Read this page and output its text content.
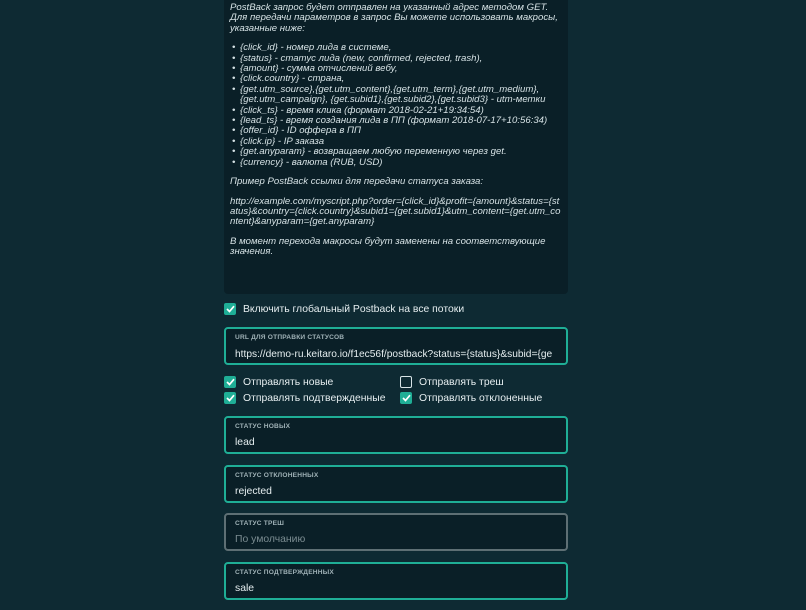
PostBack запрос будет отправлен на указанный адрес методом GET. Для передачи параметров в запрос Вы можете использовать макросы, указанные ниже:

• {click_id} - номер лида в системе,
• {status} - статус лида (new, confirmed, rejected, trash),
• {amount} - сумма отчислений вебу,
• {click.country} - страна,
• {get.utm_source},{get.utm_content},{get.utm_term},{get.utm_medium},{get.utm_campaign}, {get.subid1},{get.subid2},{get.subid3} - utm-метки
• {click_ts} - время клика (формат 2018-02-21+19:34:54)
• {lead_ts} - время создания лида в ПП (формат 2018-07-17+10:56:34)
• {offer_id} - ID оффера в ПП
• {click.ip} - IP заказа
• {get.anyparam} - возвращаем любую переменную через get.
• {currency} - валюта (RUB, USD)

Пример PostBack ссылки для передачи статуса заказа:

http://example.com/myscript.php?order={click_id}&profit={amount}&status={status}&country={click.country}&subid1={get.subid1}&utm_content={get.utm_content}&anyparam={get.anyparam}

В момент перехода макросы будут заменены на соответствующие значения.

Включить глобальный Postback на все потоки
URL ДЛЯ ОТПРАВКИ СТАТУСОВ
https://demo-ru.keitaro.io/f1ec56f/postback?status={status}&subid={ge
Отправлять новые	Отправлять треш
Отправлять подтвержденные	Отправлять отклоненные
СТАТУС НОВЫХ
lead
СТАТУС ОТКЛОНЕННЫХ
rejected
СТАТУС ТРЕШ
По умолчанию
СТАТУС ПОДТВЕРЖДЕННЫХ
sale
